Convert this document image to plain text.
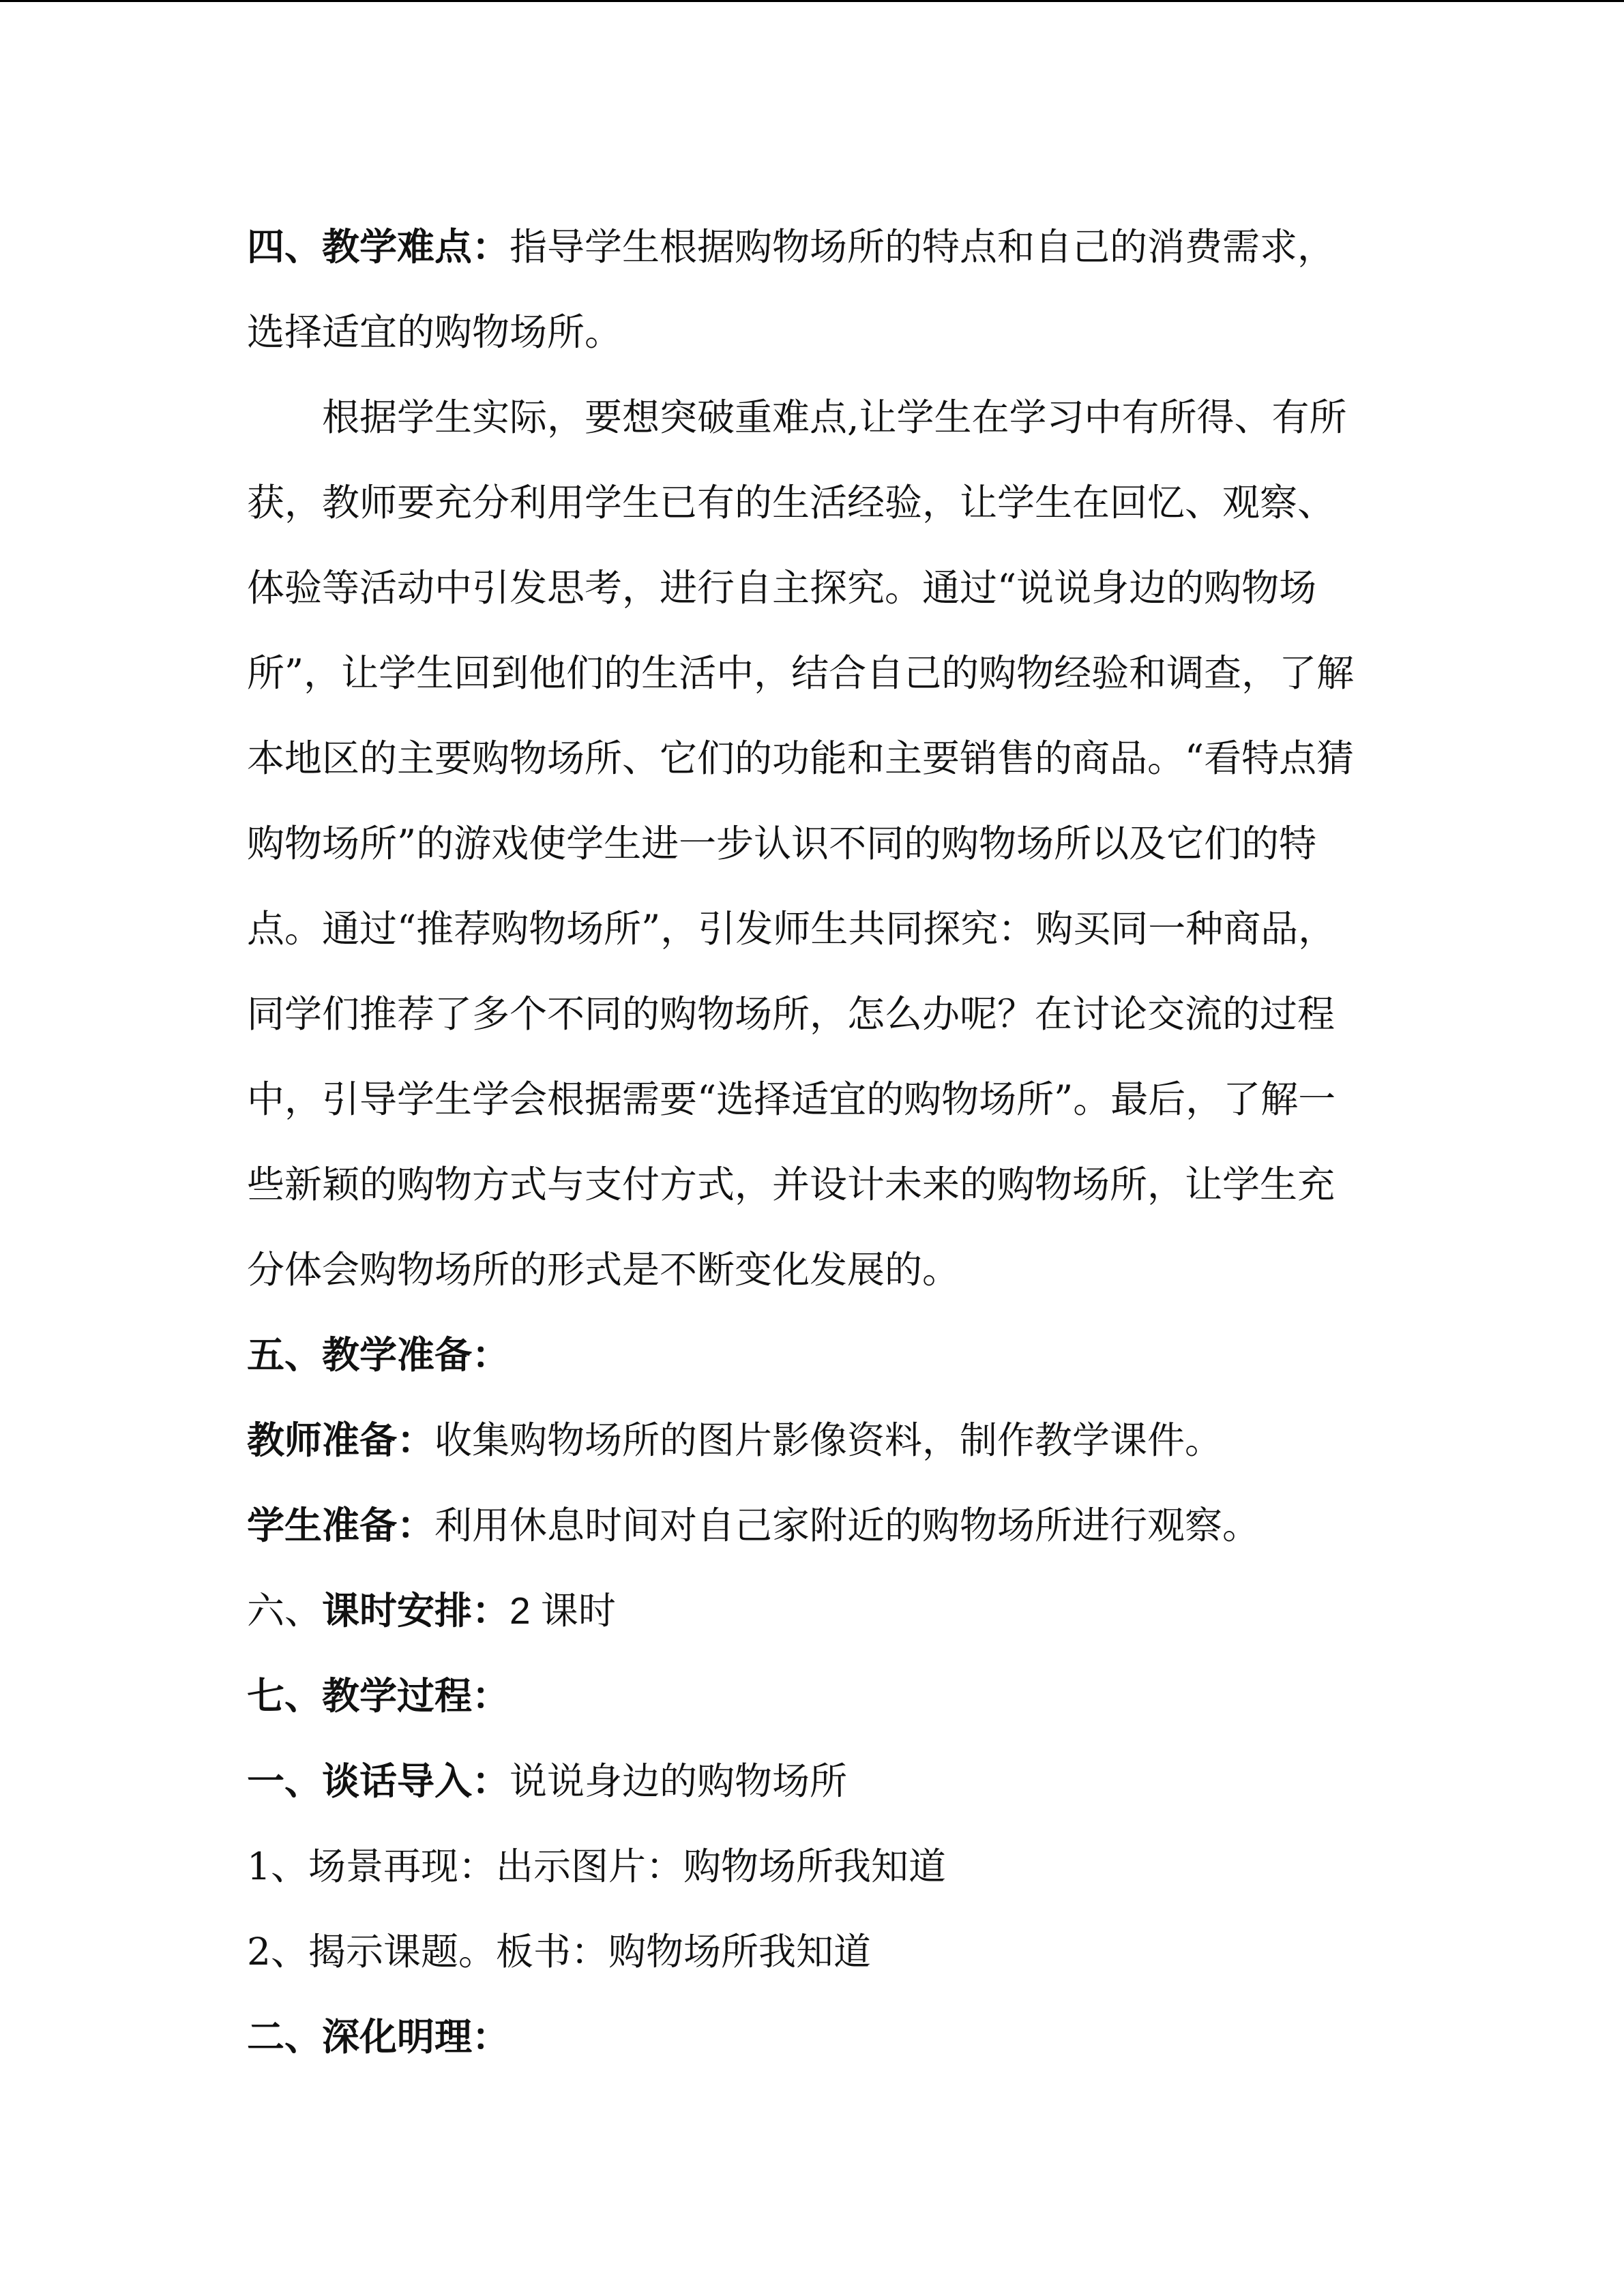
四、教学难点：指导学生根据购物场所的特点和自己的消费需求，

选择适宜的购物场所。

根据学生实际，要想突破重难点,让学生在学习中有所得、有所

获，教师要充分利用学生已有的生活经验，让学生在回忆、观察、

体验等活动中引发思考，进行自主探究。通过“说说身边的购物场

所”，让学生回到他们的生活中，结合自己的购物经验和调查，了解

本地区的主要购物场所、它们的功能和主要销售的商品。“看特点猜

购物场所”的游戏使学生进一步认识不同的购物场所以及它们的特

点。通过“推荐购物场所”，引发师生共同探究：购买同一种商品，

同学们推荐了多个不同的购物场所，怎么办呢？在讨论交流的过程

中，引导学生学会根据需要“选择适宜的购物场所”。最后，了解一

些新颖的购物方式与支付方式，并设计未来的购物场所，让学生充

分体会购物场所的形式是不断变化发展的。

五、教学准备：

教师准备：收集购物场所的图片影像资料，制作教学课件。

学生准备：利用休息时间对自己家附近的购物场所进行观察。

六、课时安排：2 课时

七、教学过程：

一、谈话导入：说说身边的购物场所

1、场景再现：出示图片：购物场所我知道

2、揭示课题。板书：购物场所我知道

二、深化明理：
